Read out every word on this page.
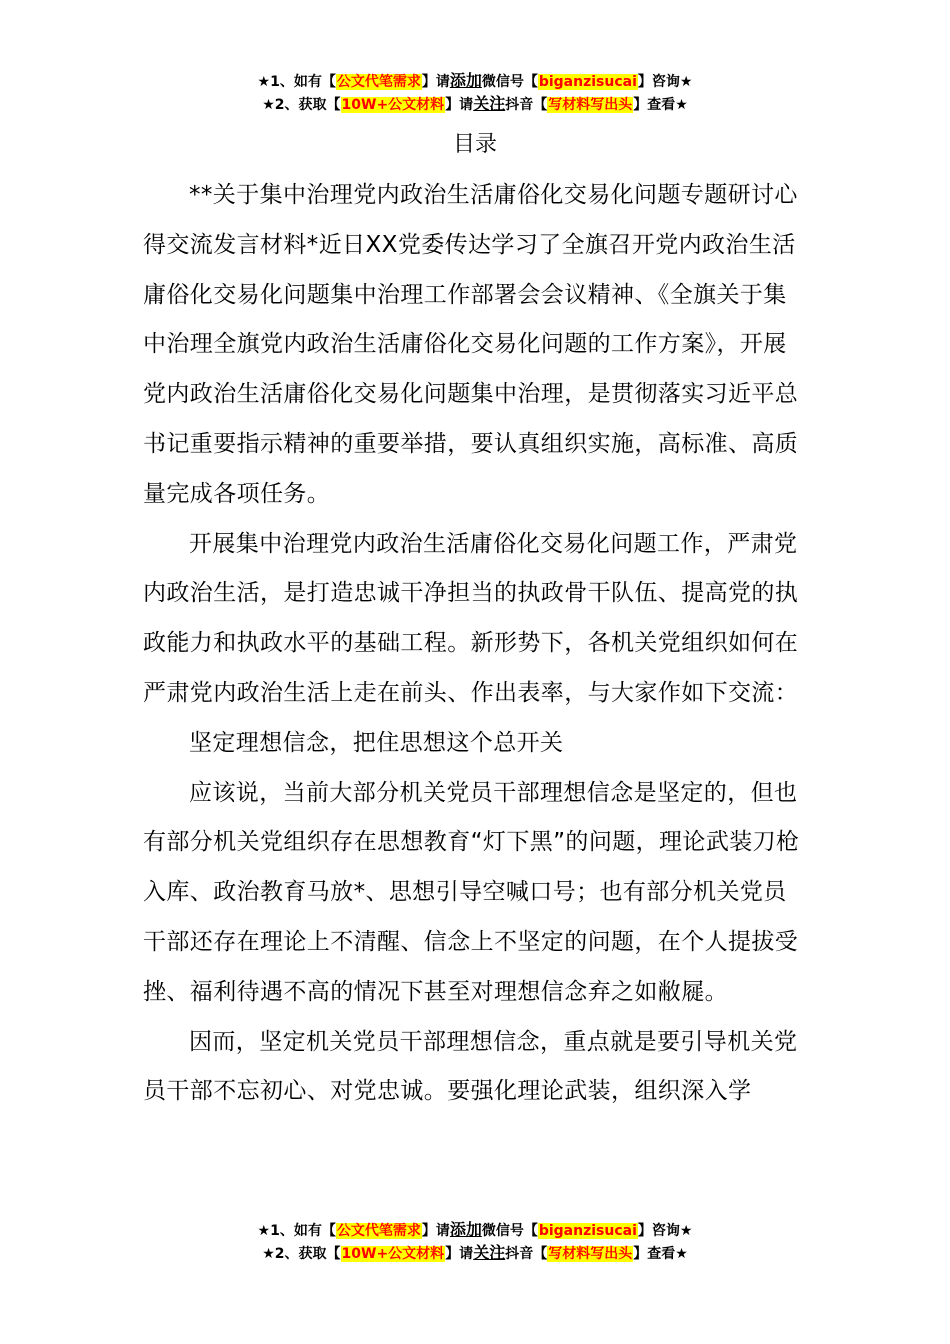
★1、如有【公文代笔需求】请添加微信号【biganzisucai】咨询★
★2、获取【10W+公文材料】请关注抖音【写材料写出头】查看★
目录

**关于集中治理党内政治生活庸俗化交易化问题专题研讨心得交流发言材料*近日XX党委传达学习了全旗召开党内政治生活庸俗化交易化问题集中治理工作部署会会议精神、《全旗关于集中治理全旗党内政治生活庸俗化交易化问题的工作方案》，开展党内政治生活庸俗化交易化问题集中治理，是贯彻落实习近平总书记重要指示精神的重要举措，要认真组织实施，高标准、高质量完成各项任务。

开展集中治理党内政治生活庸俗化交易化问题工作，严肃党内政治生活，是打造忠诚干净担当的执政骨干队伍、提高党的执政能力和执政水平的基础工程。新形势下，各机关党组织如何在严肃党内政治生活上走在前头、作出表率，与大家作如下交流：

坚定理想信念，把住思想这个总开关

应该说，当前大部分机关党员干部理想信念是坚定的，但也有部分机关党组织存在思想教育“灯下黑”的问题，理论武装刀枪入库、政治教育马放*、思想引导空喊口号；也有部分机关党员干部还存在理论上不清醒、信念上不坚定的问题，在个人提拔受挫、福利待遇不高的情况下甚至对理想信念弃之如敝屣。

因而，坚定机关党员干部理想信念，重点就是要引导机关党员干部不忘初心、对党忠诚。要强化理论武装，组织深入学

★1、如有【公文代笔需求】请添加微信号【biganzisucai】咨询★
★2、获取【10W+公文材料】请关注抖音【写材料写出头】查看★
